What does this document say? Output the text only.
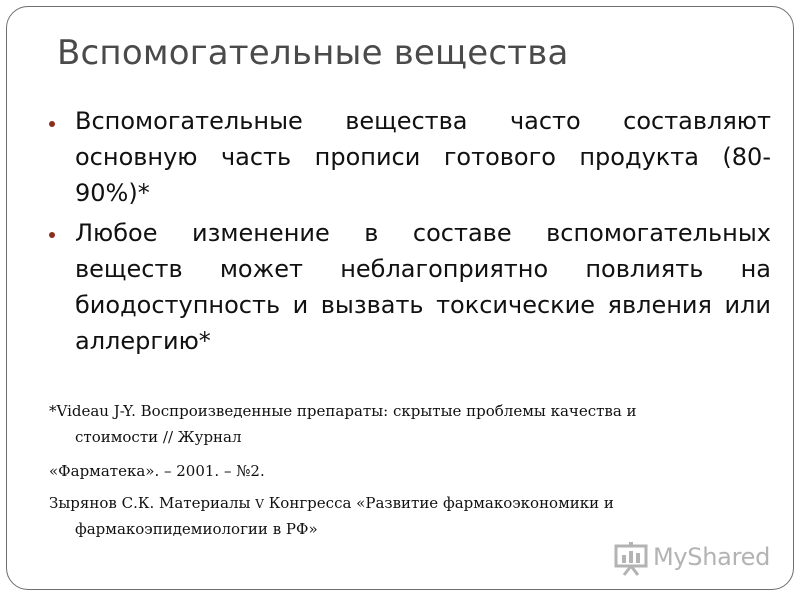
Вспомогательные вещества
Вспомогательные вещества часто составляют
основную часть прописи готового продукта (80-
90%)*
Любое изменение в составе вспомогательных
веществ может неблагоприятно повлиять на
биодоступность и вызвать токсические явления или
аллергию*
*Videau J-Y. Воспроизведенные препараты: скрытые проблемы качества и
стоимости // Журнал
«Фарматека». – 2001. – №2.
Зырянов С.К. Материалы V Конгресса «Развитие фармакоэкономики и
фармакоэпидемиологии в РФ»
MyShared
